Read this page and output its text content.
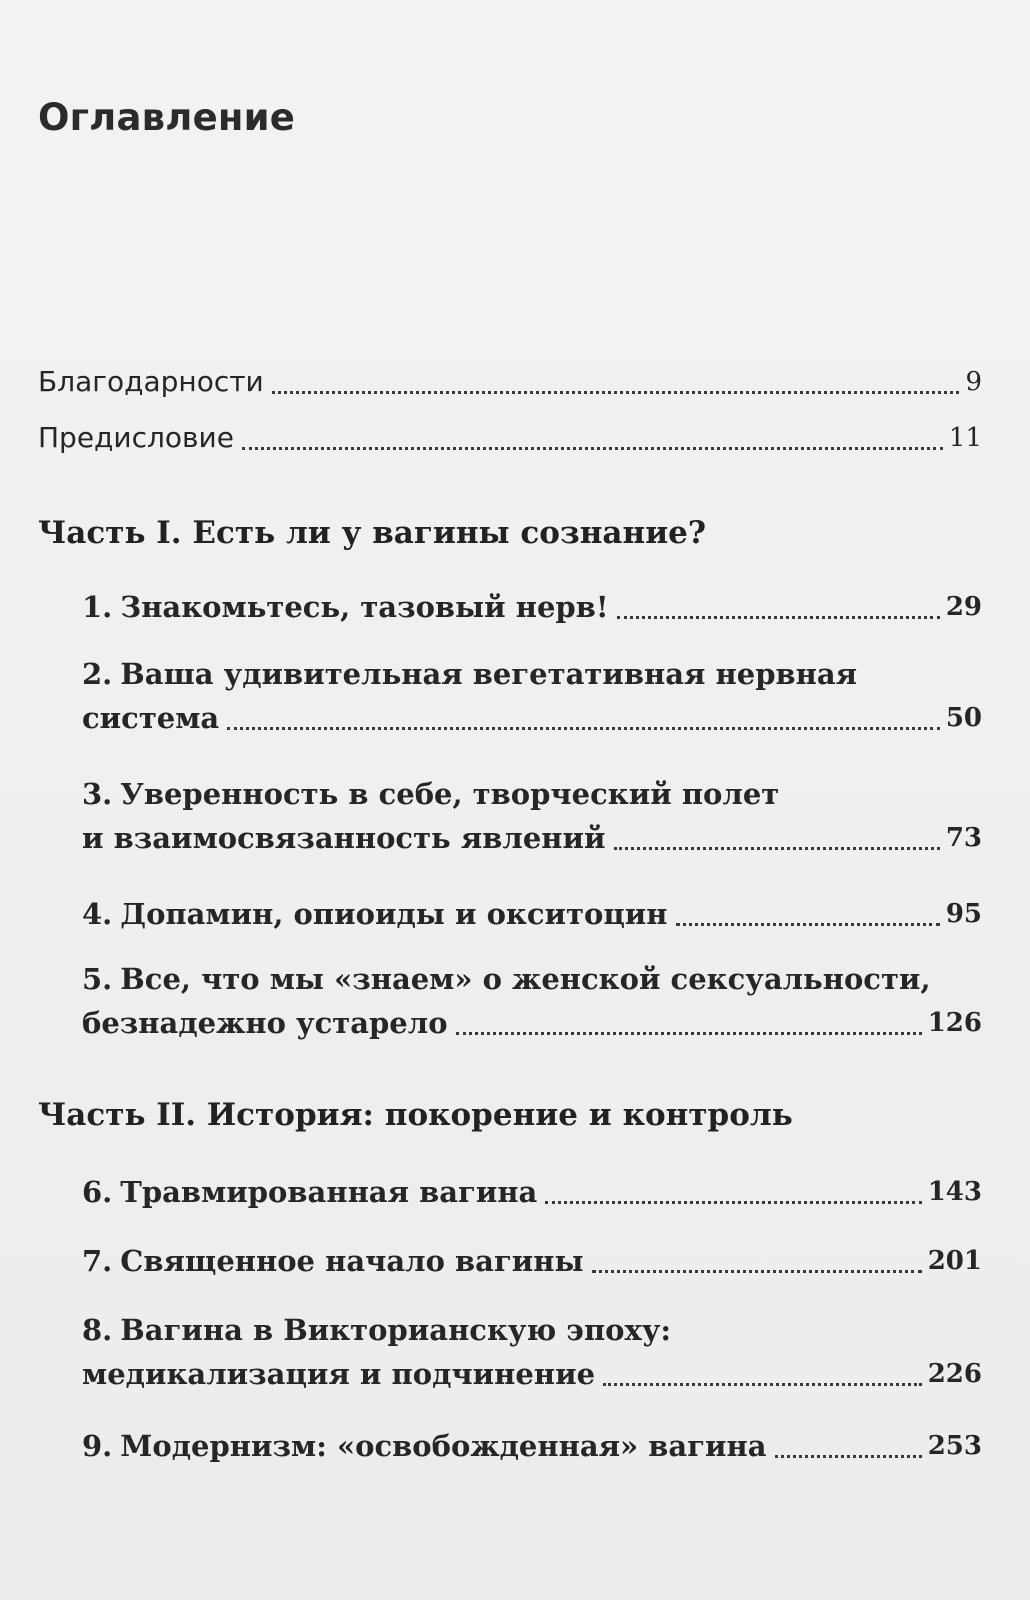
Оглавление
Благодарности	9
Предисловие	11
Часть I. Есть ли у вагины сознание?
1. Знакомьтесь, тазовый нерв!	29
2. Ваша удивительная вегетативная нервная
система	50
3. Уверенность в себе, творческий полет
и взаимосвязанность явлений	73
4. Допамин, опиоиды и окситоцин	95
5. Все, что мы «знаем» о женской сексуальности,
безнадежно устарело	126
Часть II. История: покорение и контроль
6. Травмированная вагина	143
7. Священное начало вагины	201
8. Вагина в Викторианскую эпоху:
медикализация и подчинение	226
9. Модернизм: «освобожденная» вагина	253
